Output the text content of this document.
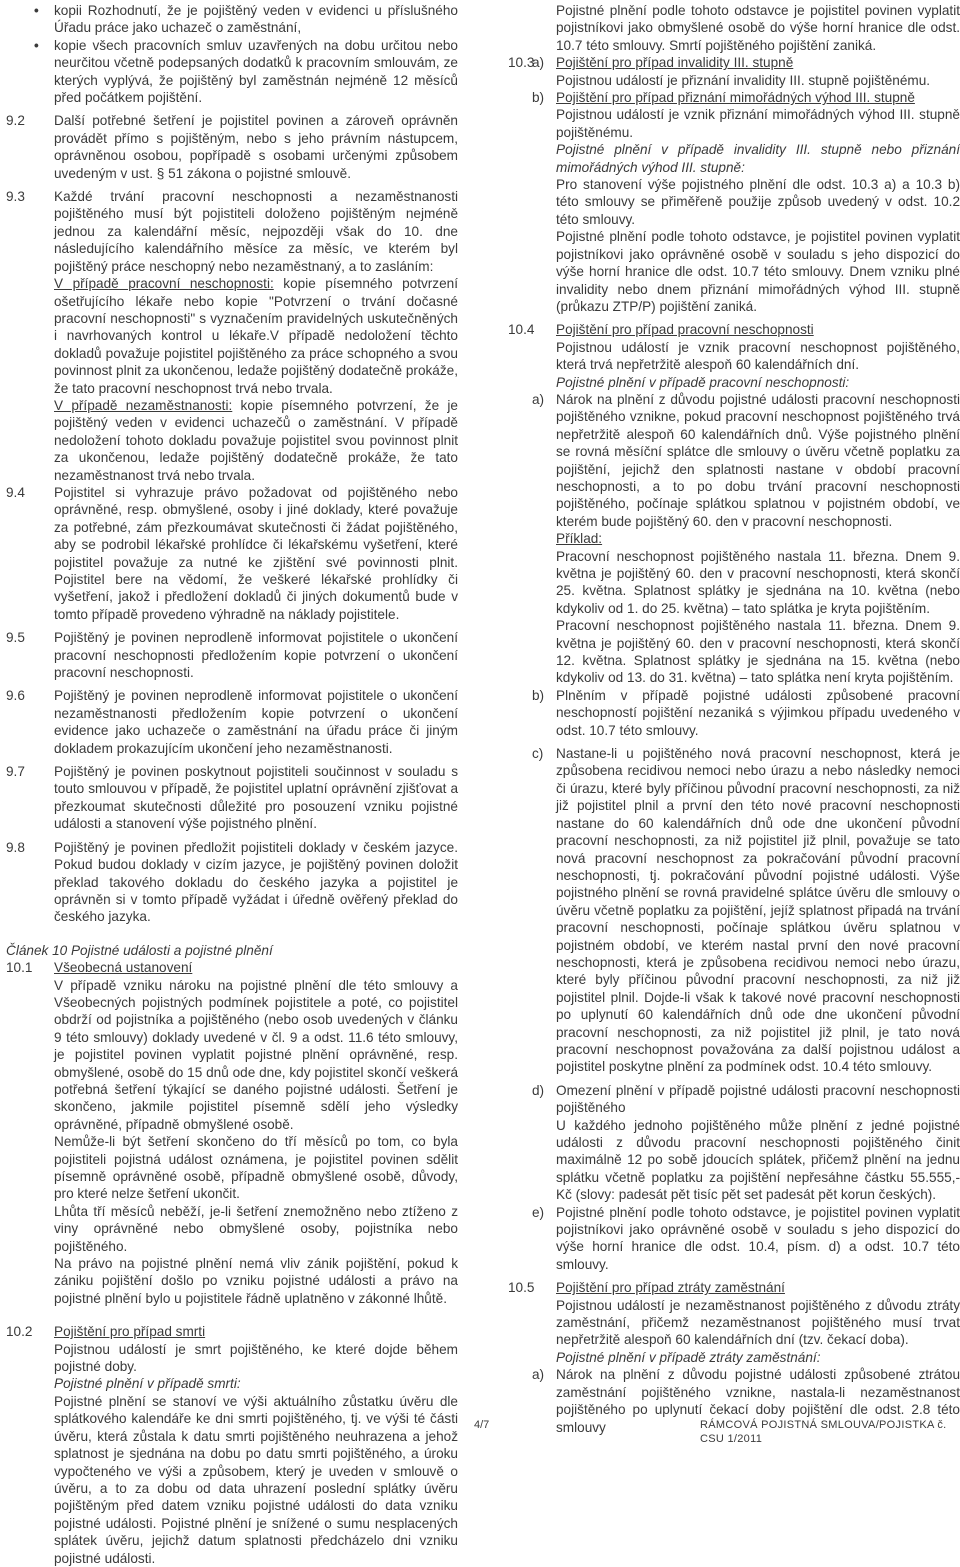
• kopii Rozhodnutí, že je pojištěný veden v evidenci u příslušného Úřadu práce jako uchazeč o zaměstnání,
• kopie všech pracovních smluv uzavřených na dobu určitou nebo neurčitou včetně podepsaných dodatků k pracovním smlouvám, ze kterých vyplývá, že pojištěný byl zaměstnán nejméně 12 měsíců před počátkem pojištění.
9.2 Další potřebné šetření je pojistitel povinen a zároveň oprávněn provádět přímo s pojištěným, nebo s jeho právním nástupcem, oprávněnou osobou, popřípadě s osobami určenými způsobem uvedeným v ust. § 51 zákona o pojistné smlouvě.
9.3 Každé trvání pracovní neschopnosti a nezaměstnanosti pojištěného musí být pojistiteli doloženo pojištěným nejméně jednou za kalendářní měsíc, nejpozději však do 10. dne následujícího kalendářního měsíce za měsíc, ve kterém byl pojištěný práce neschopný nebo nezaměstnaný, a to zasláním:
V případě pracovní neschopnosti: kopie písemného potvrzení ošetřujícího lékaře nebo kopie "Potvrzení o trvání dočasné pracovní neschopnosti" s vyznačením pravidelných uskutečněných i navrhovaných kontrol u lékaře.V případě nedoložení těchto dokladů považuje pojistitel pojištěného za práce schopného a svou povinnost plnit za ukončenou, ledaže pojištěný dodatečně prokáže, že tato pracovní neschopnost trvá nebo trvala.
V případě nezaměstnanosti: kopie písemného potvrzení, že je pojištěný veden v evidenci uchazečů o zaměstnání. V případě nedoložení tohoto dokladu považuje pojistitel svou povinnost plnit za ukončenou, ledaže pojištěný dodatečně prokáže, že tato nezaměstnanost trvá nebo trvala.
9.4 Pojistitel si vyhrazuje právo požadovat od pojištěného nebo oprávněné, resp. obmyšlené, osoby i jiné doklady, které považuje za potřebné, zám přezkoumávat skutečnosti či žádat pojištěného, aby se podrobil lékařské prohlídce či lékařskému vyšetření, které pojistitel považuje za nutné ke zjištění své povinnosti plnit. Pojistitel bere na vědomí, že veškeré lékařské prohlídky či vyšetření, jakož i předložení dokladů či jiných dokumentů bude v tomto případě provedeno výhradně na náklady pojistitele.
9.5 Pojištěný je povinen neprodleně informovat pojistitele o ukončení pracovní neschopnosti předložením kopie potvrzení o ukončení pracovní neschopnosti.
9.6 Pojištěný je povinen neprodleně informovat pojistitele o ukončení nezaměstnanosti předložením kopie potvrzení o ukončení evidence jako uchazeče o zaměstnání na úřadu práce či jiným dokladem prokazujícím ukončení jeho nezaměstnanosti.
9.7 Pojištěný je povinen poskytnout pojistiteli součinnost v souladu s touto smlouvou v případě, že pojistitel uplatní oprávnění zjišťovat a přezkoumat skutečnosti důležité pro posouzení vzniku pojistné události a stanovení výše pojistného plnění.
9.8 Pojištěný je povinen předložit pojistiteli doklady v českém jazyce. Pokud budou doklady v cizím jazyce, je pojištěný povinen doložit překlad takového dokladu do českého jazyka a pojistitel je oprávněn si v tomto případě vyžádat i úředně ověřený překlad do českého jazyka.
Článek 10 Pojistné události a pojistné plnění
10.1 Všeobecná ustanovení
V případě vzniku nároku na pojistné plnění dle této smlouvy a Všeobecných pojistných podmínek pojistitele a poté, co pojistitel obdrží od pojistníka a pojištěného (nebo osob uvedených v článku 9 této smlouvy) doklady uvedené v čl. 9 a odst. 11.6 této smlouvy, je pojistitel povinen vyplatit pojistné plnění oprávněné, resp. obmyšlené, osobě do 15 dnů ode dne, kdy pojistitel skončí veškerá potřebná šetření týkající se daného pojistné události. Šetření je skončeno, jakmile pojistitel písemně sdělí jeho výsledky oprávněné, případně obmyšlené osobě.
Nemůže-li být šetření skončeno do tří měsíců po tom, co byla pojistiteli pojistná událost oznámena, je pojistitel povinen sdělit písemně oprávněné osobě, případně obmyšlené osobě, důvody, pro které nelze šetření ukončit.
Lhůta tří měsíců neběží, je-li šetření znemožněno nebo ztíženo z viny oprávněné nebo obmyšlené osoby, pojistníka nebo pojištěného.
Na právo na pojistné plnění nemá vliv zánik pojištění, pokud k zániku pojištění došlo po vzniku pojistné události a právo na pojistné plnění bylo u pojistitele řádně uplatněno v zákonné lhůtě.
10.2 Pojištění pro případ smrti
Pojistnou událostí je smrt pojištěného, ke které dojde během pojistné doby.
Pojistné plnění v případě smrti:
Pojistné plnění se stanoví ve výši aktuálního zůstatku úvěru dle splátkového kalendáře ke dni smrti pojištěného, tj. ve výši té části úvěru, která zůstala k datu smrti pojištěného neuhrazena a jehož splatnost je sjednána na dobu po datu smrti pojištěného, a úroku vypočteného ve výši a způsobem, který je uveden v smlouvě o úvěru, a to za dobu od data uhrazení poslední splátky úvěru pojištěným před datem vzniku pojistné události do data vzniku pojistné události. Pojistné plnění je snížené o sumu nesplacených splátek úvěru, jejichž datum splatnosti předcházelo dni vzniku pojistné události.
Pojistné plnění podle tohoto odstavce je pojistitel povinen vyplatit pojistníkovi jako obmyšlené osobě do výše horní hranice dle odst. 10.7 této smlouvy. Smrtí pojištěného pojištění zaniká.
10.3
a) Pojištění pro případ invalidity III. stupně
Pojistnou událostí je přiznání invalidity III. stupně pojištěnému.
b) Pojištění pro případ přiznání mimořádných výhod III. stupně
Pojistnou událostí je vznik přiznání mimořádných výhod III. stupně pojištěnému.
Pojistné plnění v případě invalidity III. stupně nebo přiznání mimořádných výhod III. stupně:
Pro stanovení výše pojistného plnění dle odst. 10.3 a) a 10.3 b) této smlouvy se přiměřeně použije způsob uvedený v odst. 10.2 této smlouvy.
Pojistné plnění podle tohoto odstavce, je pojistitel povinen vyplatit pojistníkovi jako oprávněné osobě v souladu s jeho dispozicí do výše horní hranice dle odst. 10.7 této smlouvy. Dnem vzniku plné invalidity nebo dnem přiznání mimořádných výhod III. stupně (průkazu ZTP/P) pojištění zaniká.
10.4 Pojištění pro případ pracovní neschopnosti
Pojistnou událostí je vznik pracovní neschopnost pojištěného, která trvá nepřetržitě alespoň 60 kalendářních dní.
Pojistné plnění v případě pracovní neschopnosti:
a) Nárok na plnění z důvodu pojistné události pracovní neschopnosti pojištěného vznikne, pokud pracovní neschopnost pojištěného trvá nepřetržitě alespoň 60 kalendářních dnů. Výše pojistného plnění se rovná měsíční splátce dle smlouvy o úvěru včetně poplatku za pojištění, jejichž den splatnosti nastane v období pracovní neschopnosti, a to po dobu trvání pracovní neschopnosti pojištěného, počínaje splátkou splatnou v pojistném období, ve kterém bude pojištěný 60. den v pracovní neschopnosti.
Příklad:
Pracovní neschopnost pojištěného nastala 11. března. Dnem 9. května je pojištěný 60. den v pracovní neschopnosti, která skončí 25. května. Splatnost splátky je sjednána na 10. května (nebo kdykoliv od 1. do 25. května) – tato splátka je kryta pojištěním.
Pracovní neschopnost pojištěného nastala 11. března. Dnem 9. května je pojištěný 60. den v pracovní neschopnosti, která skončí 12. května. Splatnost splátky je sjednána na 15. května (nebo kdykoliv od 13. do 31. května) – tato splátka není kryta pojištěním.
b) Plněním v případě pojistné události způsobené pracovní neschopností pojištění nezaniká s výjimkou případu uvedeného v odst. 10.7 této smlouvy.
c) Nastane-li u pojištěného nová pracovní neschopnost, která je způsobena recidivou nemoci nebo úrazu a nebo následky nemoci či úrazu, které byly příčinou původní pracovní neschopnosti, za niž již pojistitel plnil a první den této nové pracovní neschopnosti nastane do 60 kalendářních dnů ode dne ukončení původní pracovní neschopnosti, za niž pojistitel již plnil, považuje se tato nová pracovní neschopnost za pokračování původní pracovní neschopnosti, tj. pokračování původní pojistné události. Výše pojistného plnění se rovná pravidelné splátce úvěru dle smlouvy o úvěru včetně poplatku za pojištění, jejíž splatnost připadá na trvání pracovní neschopnosti, počínaje splátkou úvěru splatnou v pojistném období, ve kterém nastal první den nové pracovní neschopnosti, která je způsobena recidivou nemoci nebo úrazu, které byly příčinou původní pracovní neschopnosti, za niž již pojistitel plnil. Dojde-li však k takové nové pracovní neschopnosti po uplynutí 60 kalendářních dnů ode dne ukončení původní pracovní neschopnosti, za niž pojistitel již plnil, je tato nová pracovní neschopnost považována za další pojistnou událost a pojistitel poskytne plnění za podmínek odst. 10.4 této smlouvy.
d) Omezení plnění v případě pojistné události pracovní neschopnosti pojištěného
U každého jednoho pojištěného může plnění z jedné pojistné události z důvodu pracovní neschopnosti pojištěného činit maximálně 12 po sobě jdoucích splátek, přičemž plnění na jednu splátku včetně poplatku za pojištění nepřesáhne částku 55.555,- Kč (slovy: padesát pět tisíc pět set padesát pět korun českých).
e) Pojistné plnění podle tohoto odstavce, je pojistitel povinen vyplatit pojistníkovi jako oprávněné osobě v souladu s jeho dispozicí do výše horní hranice dle odst. 10.4, písm. d) a odst. 10.7 této smlouvy.
10.5 Pojištění pro případ ztráty zaměstnání
Pojistnou událostí je nezaměstnanost pojištěného z důvodu ztráty zaměstnání, přičemž nezaměstnanost pojištěného musí trvat nepřetržitě alespoň 60 kalendářních dní (tzv. čekací doba).
Pojistné plnění v případě ztráty zaměstnání:
a) Nárok na plnění z důvodu pojistné události způsobené ztrátou zaměstnání pojištěného vznikne, nastala-li nezaměstnanost pojištěného po uplynutí čekací doby pojištění dle odst. 2.8 této smlouvy
4/7	RÁMCOVÁ POJISTNÁ SMLOUVA/POJISTKA č. CSU 1/2011
